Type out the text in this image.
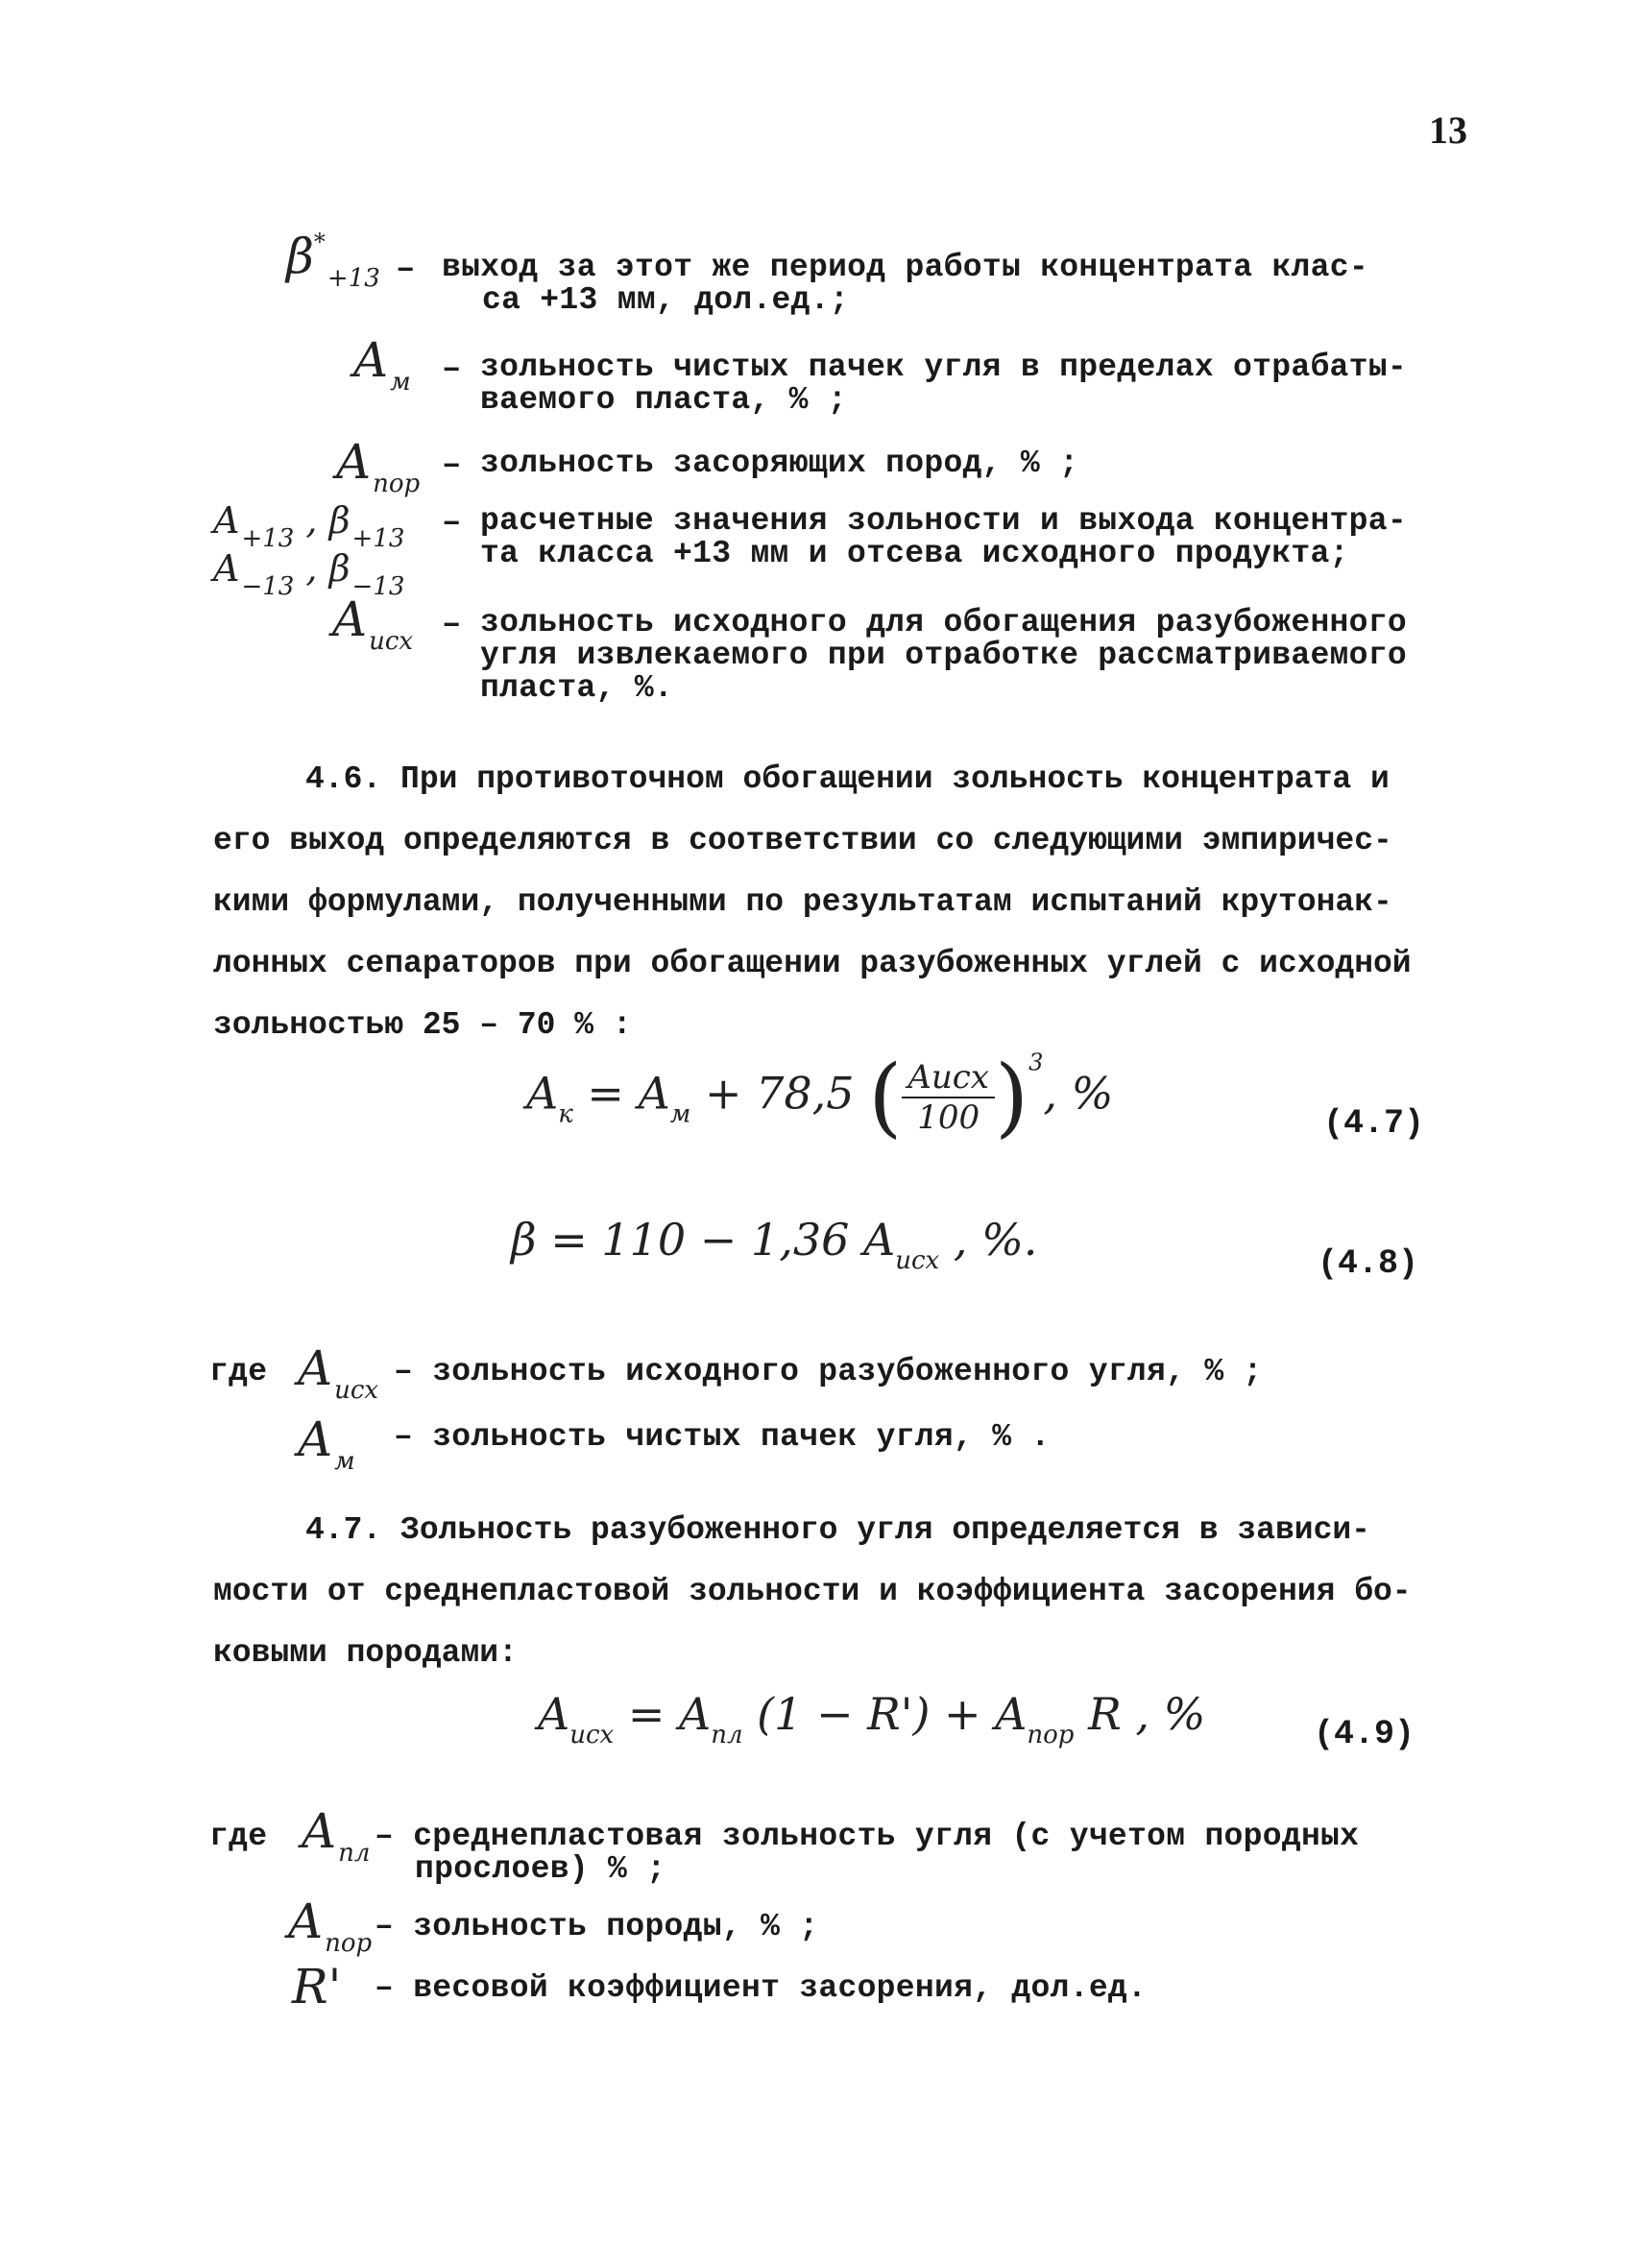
13
$\beta^*_{+13}$ выход за этот же период работы концентрата клас-
са +13 мм, дол.ед.;
–
$A_м$ – зольность чистых пачек угля в пределах отрабаты-
ваемого пласта, % ;
$A_{пор}$ – зольность засоряющих пород, % ;
$A_{+13}$ , $\beta_{+13}$
$A_{-13}$ , $\beta_{-13}$
– расчетные значения зольности и выхода концентра-
та класса +13 мм и отсева исходного продукта;
$A_{исх}$ – зольность исходного для обогащения разубоженного
угля извлекаемого при отработке рассматриваемого
пласта, %.
4.6. При противоточном обогащении зольность концентрата и
его выход определяются в соответствии со следующими эмпиричес-
кими формулами, полученными по результатам испытаний крутонак-
лонных сепараторов при обогащении разубоженных углей с исходной
зольностью 25 – 70 % :
$A_к = A_м + 78,5$ ( $\frac{\text{Aисх}}{100} )^3$, %
(4.7)
β = 110 − 1,36 $A_{исх}$ , %.	(4.8)
где $A_{исх}$
– зольность исходного разубоженного угля, % ;
$A_м$
– зольность чистых пачек угля, % .
4.7. Зольность разубоженного угля определяется в зависи-
мости от среднепластовой зольности и коэффициента засорения бо-
ковыми породами:
$A_{исх} = A_{пл}$ $(1 - R') + A_{пор}$ R , %	(4.9)
где $A_{пл}$ – среднепластовая зольность угля (с учетом породных
прослоев) % ;
$A_{пор}$ – зольность породы, % ;
R' – весовой коэффициент засорения, дол.ед.
